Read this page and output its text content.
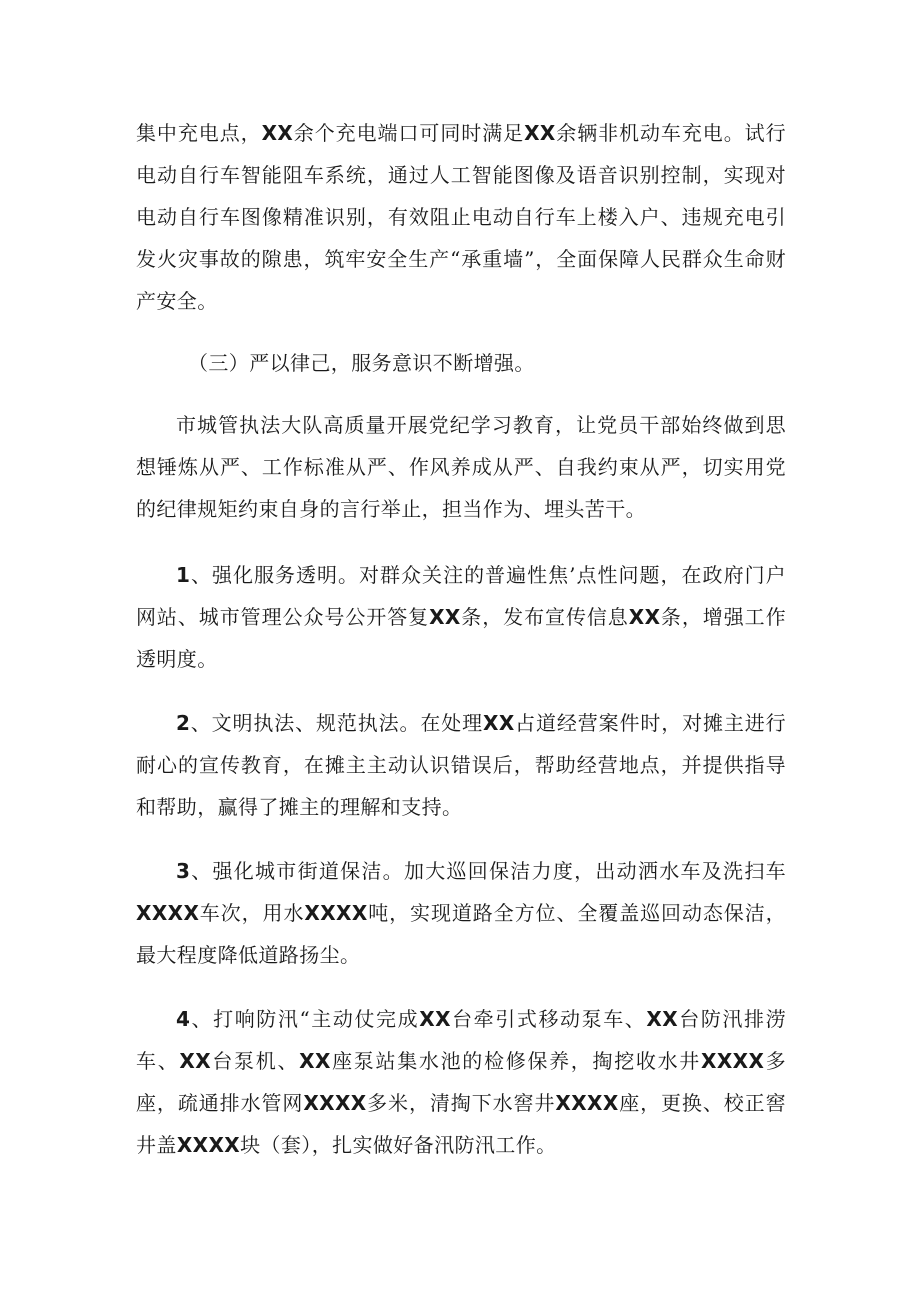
集中充电点，XX余个充电端口可同时满足XX余辆非机动车充电。试行电动自行车智能阻车系统，通过人工智能图像及语音识别控制，实现对电动自行车图像精准识别，有效阻止电动自行车上楼入户、违规充电引发火灾事故的隙患，筑牢安全生产“承重墙”，全面保障人民群众生命财产安全。

（三）严以律己，服务意识不断增强。

市城管执法大队高质量开展党纪学习教育，让党员干部始终做到思想锤炼从严、工作标准从严、作风养成从严、自我约束从严，切实用党的纪律规矩约束自身的言行举止，担当作为、埋头苦干。

1、强化服务透明。对群众关注的普遍性焦’点性问题，在政府门户网站、城市管理公众号公开答复XX条，发布宣传信息XX条，增强工作透明度。

2、文明执法、规范执法。在处理XX占道经营案件时，对摊主进行耐心的宣传教育，在摊主主动认识错误后，帮助经营地点，并提供指导和帮助，赢得了摊主的理解和支持。

3、强化城市街道保洁。加大巡回保洁力度，出动洒水车及洗扫车XXXX车次，用水XXXX吨，实现道路全方位、全覆盖巡回动态保洁，最大程度降低道路扬尘。

4、打响防汛“主动仗完成XX台牵引式移动泵车、XX台防汛排涝车、XX台泵机、XX座泵站集水池的检修保养，掏挖收水井XXXX多座，疏通排水管网XXXX多米，清掏下水窖井XXXX座，更换、校正窖井盖XXXX块（套），扎实做好备汛防汛工作。
